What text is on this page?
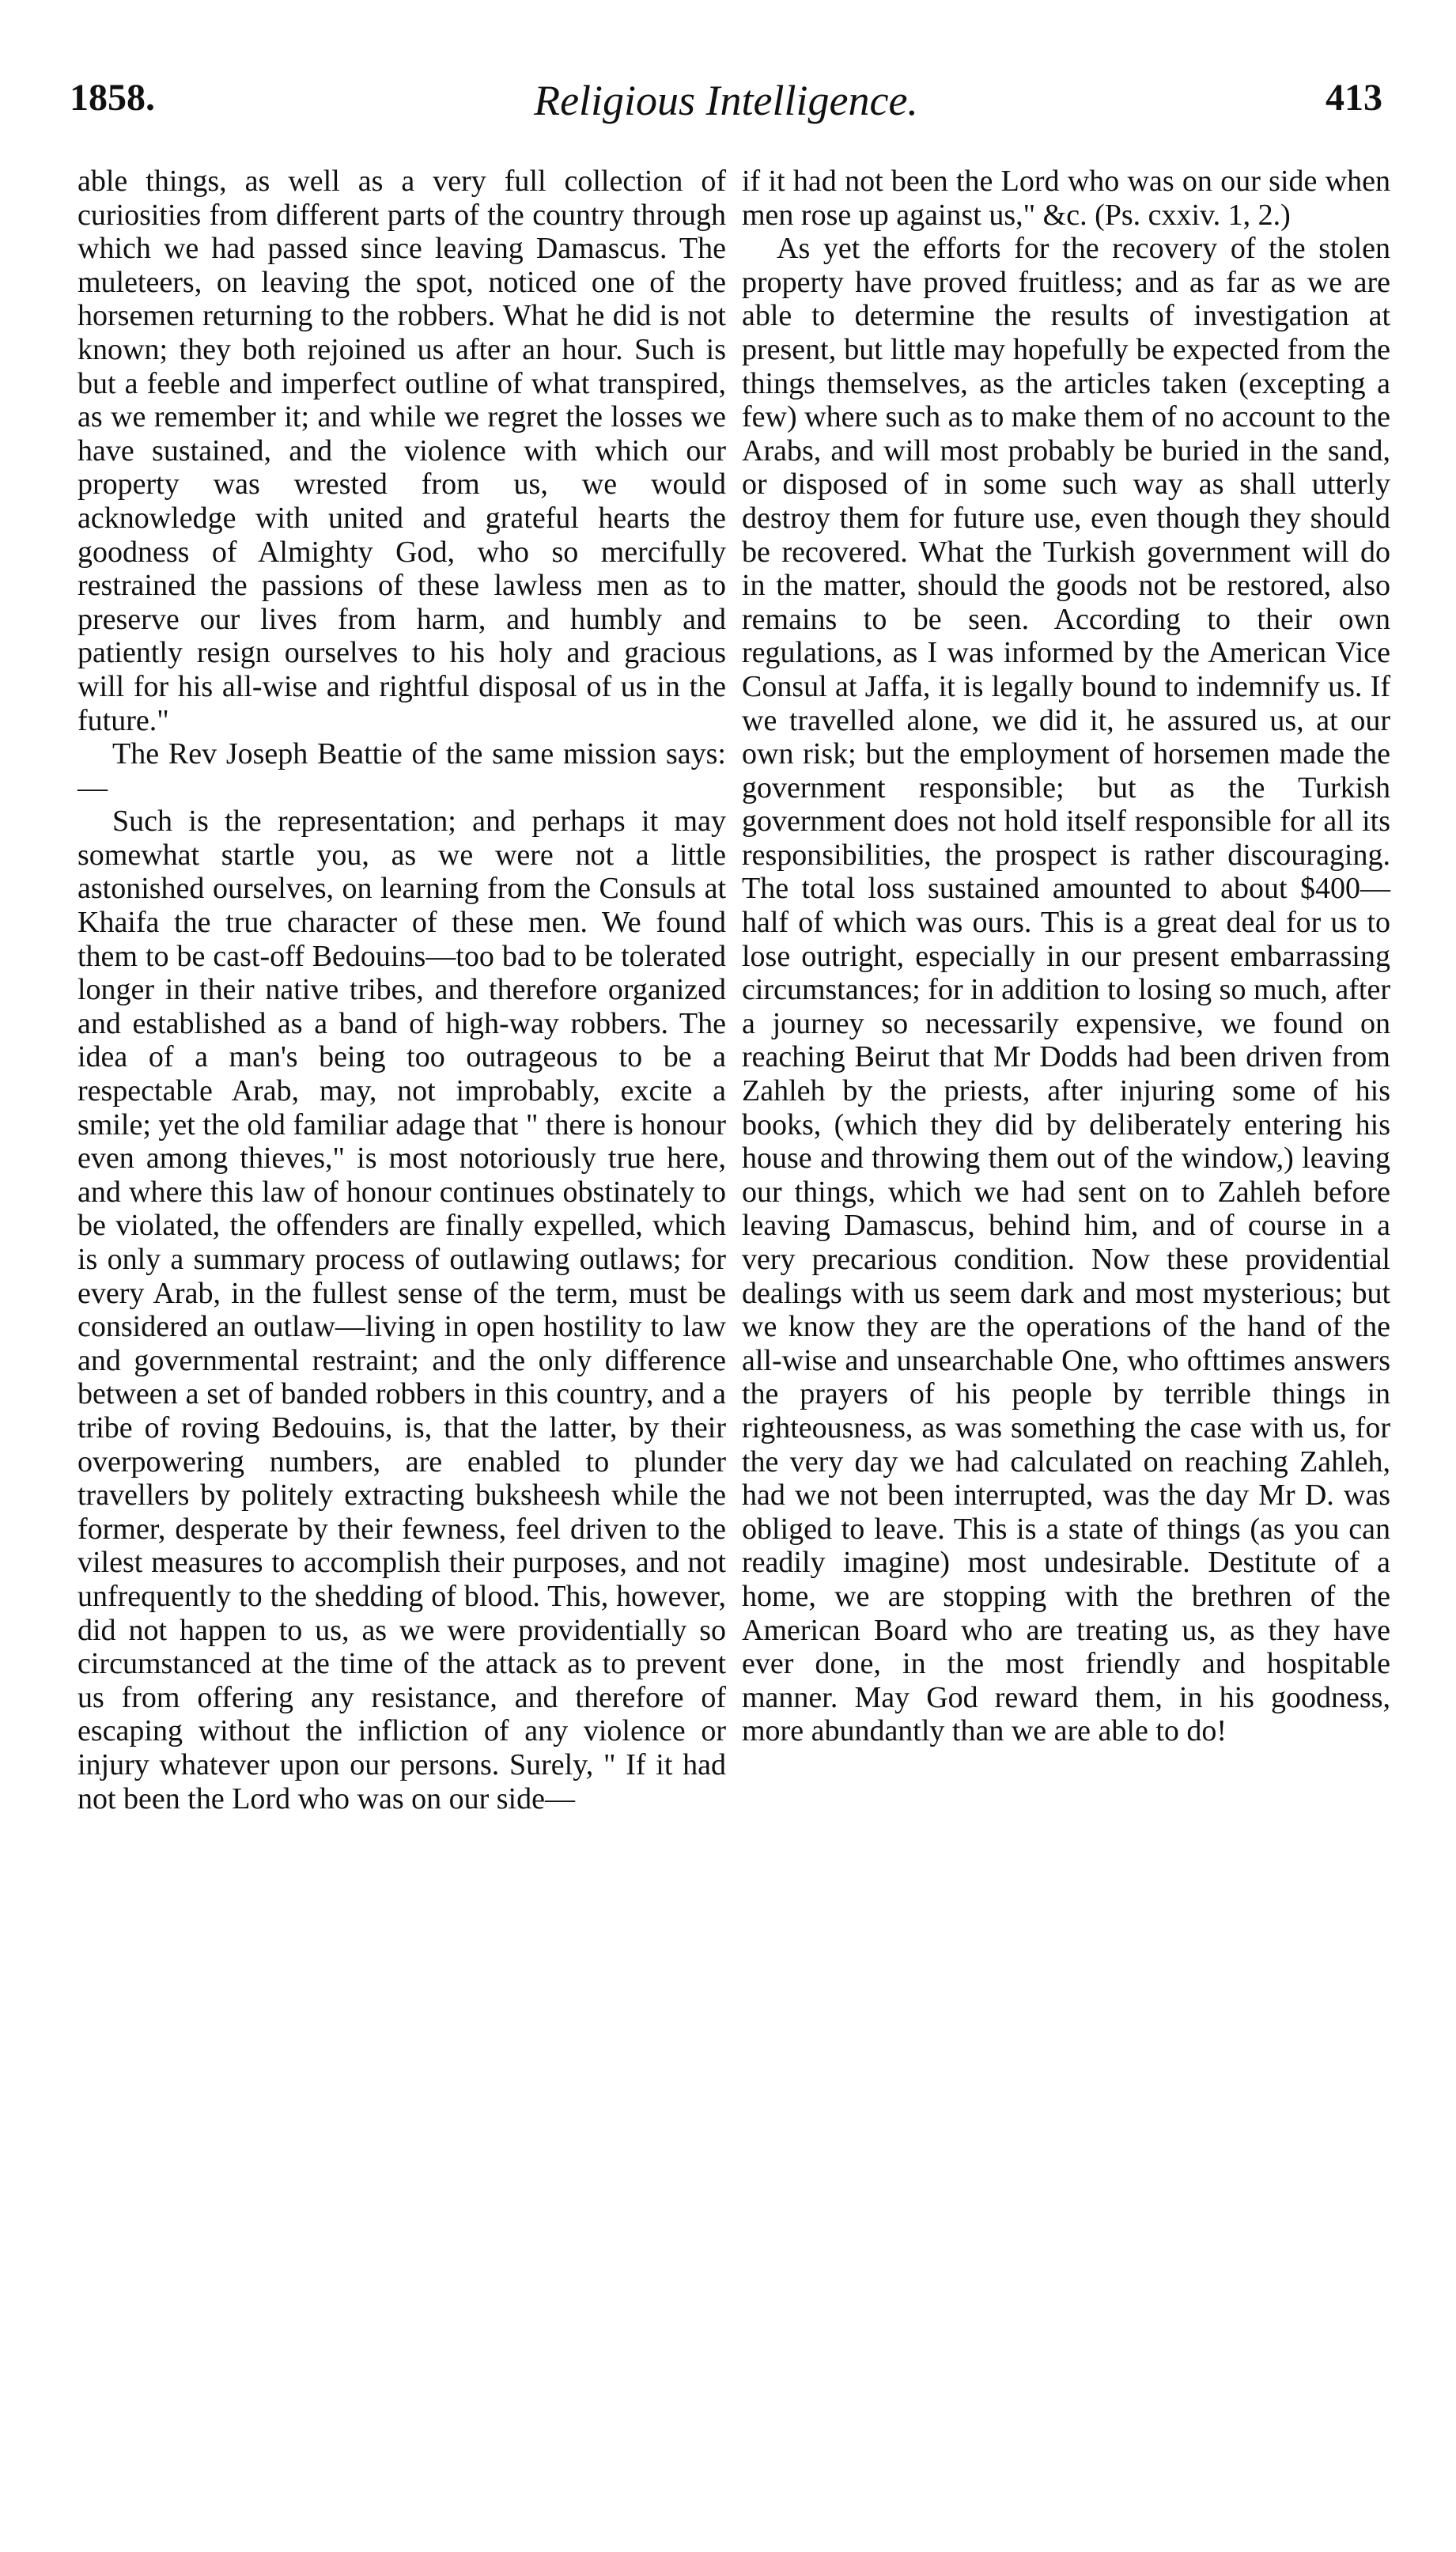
1858.	Religious Intelligence.	413

able things, as well as a very full collection of curiosities from different parts of the country through which we had passed since leaving Damascus. The muleteers, on leaving the spot, noticed one of the horsemen returning to the robbers. What he did is not known; they both rejoined us after an hour. Such is but a feeble and imperfect outline of what transpired, as we remember it; and while we regret the losses we have sustained, and the violence with which our property was wrested from us, we would acknowledge with united and grateful hearts the goodness of Almighty God, who so mercifully restrained the passions of these lawless men as to preserve our lives from harm, and humbly and patiently resign ourselves to his holy and gracious will for his all-wise and rightful disposal of us in the future."

The Rev Joseph Beattie of the same mission says:—

Such is the representation; and perhaps it may somewhat startle you, as we were not a little astonished ourselves, on learning from the Consuls at Khaifa the true character of these men. We found them to be cast-off Bedouins—too bad to be tolerated longer in their native tribes, and therefore organized and established as a band of high-way robbers. The idea of a man's being too outrageous to be a respectable Arab, may, not improbably, excite a smile; yet the old familiar adage that " there is honour even among thieves," is most notoriously true here, and where this law of honour continues obstinately to be violated, the offenders are finally expelled, which is only a summary process of outlawing outlaws; for every Arab, in the fullest sense of the term, must be considered an outlaw—living in open hostility to law and governmental restraint; and the only difference between a set of banded robbers in this country, and a tribe of roving Bedouins, is, that the latter, by their overpowering numbers, are enabled to plunder travellers by politely extracting buksheesh while the former, desperate by their fewness, feel driven to the vilest measures to accomplish their purposes, and not unfrequently to the shedding of blood. This, however, did not happen to us, as we were providentially so circumstanced at the time of the attack as to prevent us from offering any resistance, and therefore of escaping without the infliction of any violence or injury whatever upon our persons. Surely, " If it had not been the Lord who was on our side—

if it had not been the Lord who was on our side when men rose up against us," &c. (Ps. cxxiv. 1, 2.)

As yet the efforts for the recovery of the stolen property have proved fruitless; and as far as we are able to determine the results of investigation at present, but little may hopefully be expected from the things themselves, as the articles taken (excepting a few) where such as to make them of no account to the Arabs, and will most probably be buried in the sand, or disposed of in some such way as shall utterly destroy them for future use, even though they should be recovered. What the Turkish government will do in the matter, should the goods not be restored, also remains to be seen. According to their own regulations, as I was informed by the American Vice Consul at Jaffa, it is legally bound to indemnify us. If we travelled alone, we did it, he assured us, at our own risk; but the employment of horsemen made the government responsible; but as the Turkish government does not hold itself responsible for all its responsibilities, the prospect is rather discouraging. The total loss sustained amounted to about $400—half of which was ours. This is a great deal for us to lose outright, especially in our present embarrassing circumstances; for in addition to losing so much, after a journey so necessarily expensive, we found on reaching Beirut that Mr Dodds had been driven from Zahleh by the priests, after injuring some of his books, (which they did by deliberately entering his house and throwing them out of the window,) leaving our things, which we had sent on to Zahleh before leaving Damascus, behind him, and of course in a very precarious condition. Now these providential dealings with us seem dark and most mysterious; but we know they are the operations of the hand of the all-wise and unsearchable One, who ofttimes answers the prayers of his people by terrible things in righteousness, as was something the case with us, for the very day we had calculated on reaching Zahleh, had we not been interrupted, was the day Mr D. was obliged to leave. This is a state of things (as you can readily imagine) most undesirable. Destitute of a home, we are stopping with the brethren of the American Board who are treating us, as they have ever done, in the most friendly and hospitable manner. May God reward them, in his goodness, more abundantly than we are able to do!
